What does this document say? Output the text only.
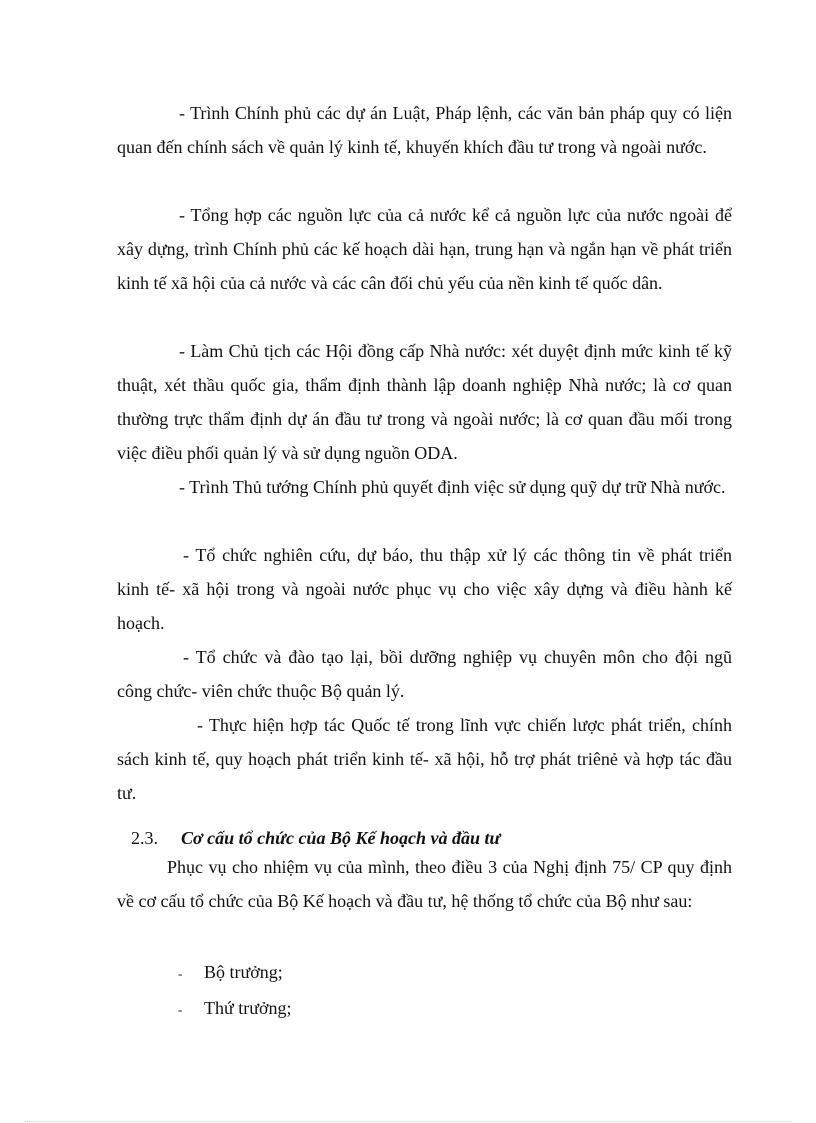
- Trình Chính phủ các dự án Luật, Pháp lệnh, các văn bản pháp quy có liện quan đến chính sách về quản lý kinh tế, khuyến khích đầu tư trong và ngoài nước.

- Tổng hợp các nguồn lực của cả nước kể cả nguồn lực của nước ngoài để xây dựng, trình Chính phủ các kế hoạch dài hạn, trung hạn và ngắn hạn về phát triển kinh tế xã hội của cả nước và các cân đối chủ yếu của nền kinh tế quốc dân.

- Làm Chủ tịch các Hội đồng cấp Nhà nước: xét duyệt định mức kinh tế kỹ thuật, xét thầu quốc gia, thẩm định thành lập doanh nghiệp Nhà nước; là cơ quan thường trực thẩm định dự án đầu tư trong và ngoài nước; là cơ quan đầu mối trong việc điều phối quản lý và sử dụng nguồn ODA.

- Trình Thủ tướng Chính phủ quyết định việc sử dụng quỹ dự trữ Nhà nước.

- Tổ chức nghiên cứu, dự báo, thu thập xử lý các thông tin về phát triển kinh tế- xã hội trong và ngoài nước phục vụ cho việc xây dựng và điều hành kế hoạch.

- Tổ chức và đào tạo lại, bồi dưỡng nghiệp vụ chuyên môn cho đội ngũ công chức- viên chức thuộc Bộ quản lý.

- Thực hiện hợp tác Quốc tế trong lĩnh vực chiến lược phát triển, chính sách kinh tế, quy hoạch phát triển kinh tế- xã hội, hỗ trợ phát triênẻ và hợp tác đầu tư.

2.3. Cơ cấu tổ chức của Bộ Kế hoạch và đầu tư

Phục vụ cho nhiệm vụ của mình, theo điều 3 của Nghị định 75/ CP quy định về cơ cấu tổ chức của Bộ Kế hoạch và đầu tư, hệ thống tổ chức của Bộ như sau:

- Bộ trưởng;
- Thứ trưởng;
